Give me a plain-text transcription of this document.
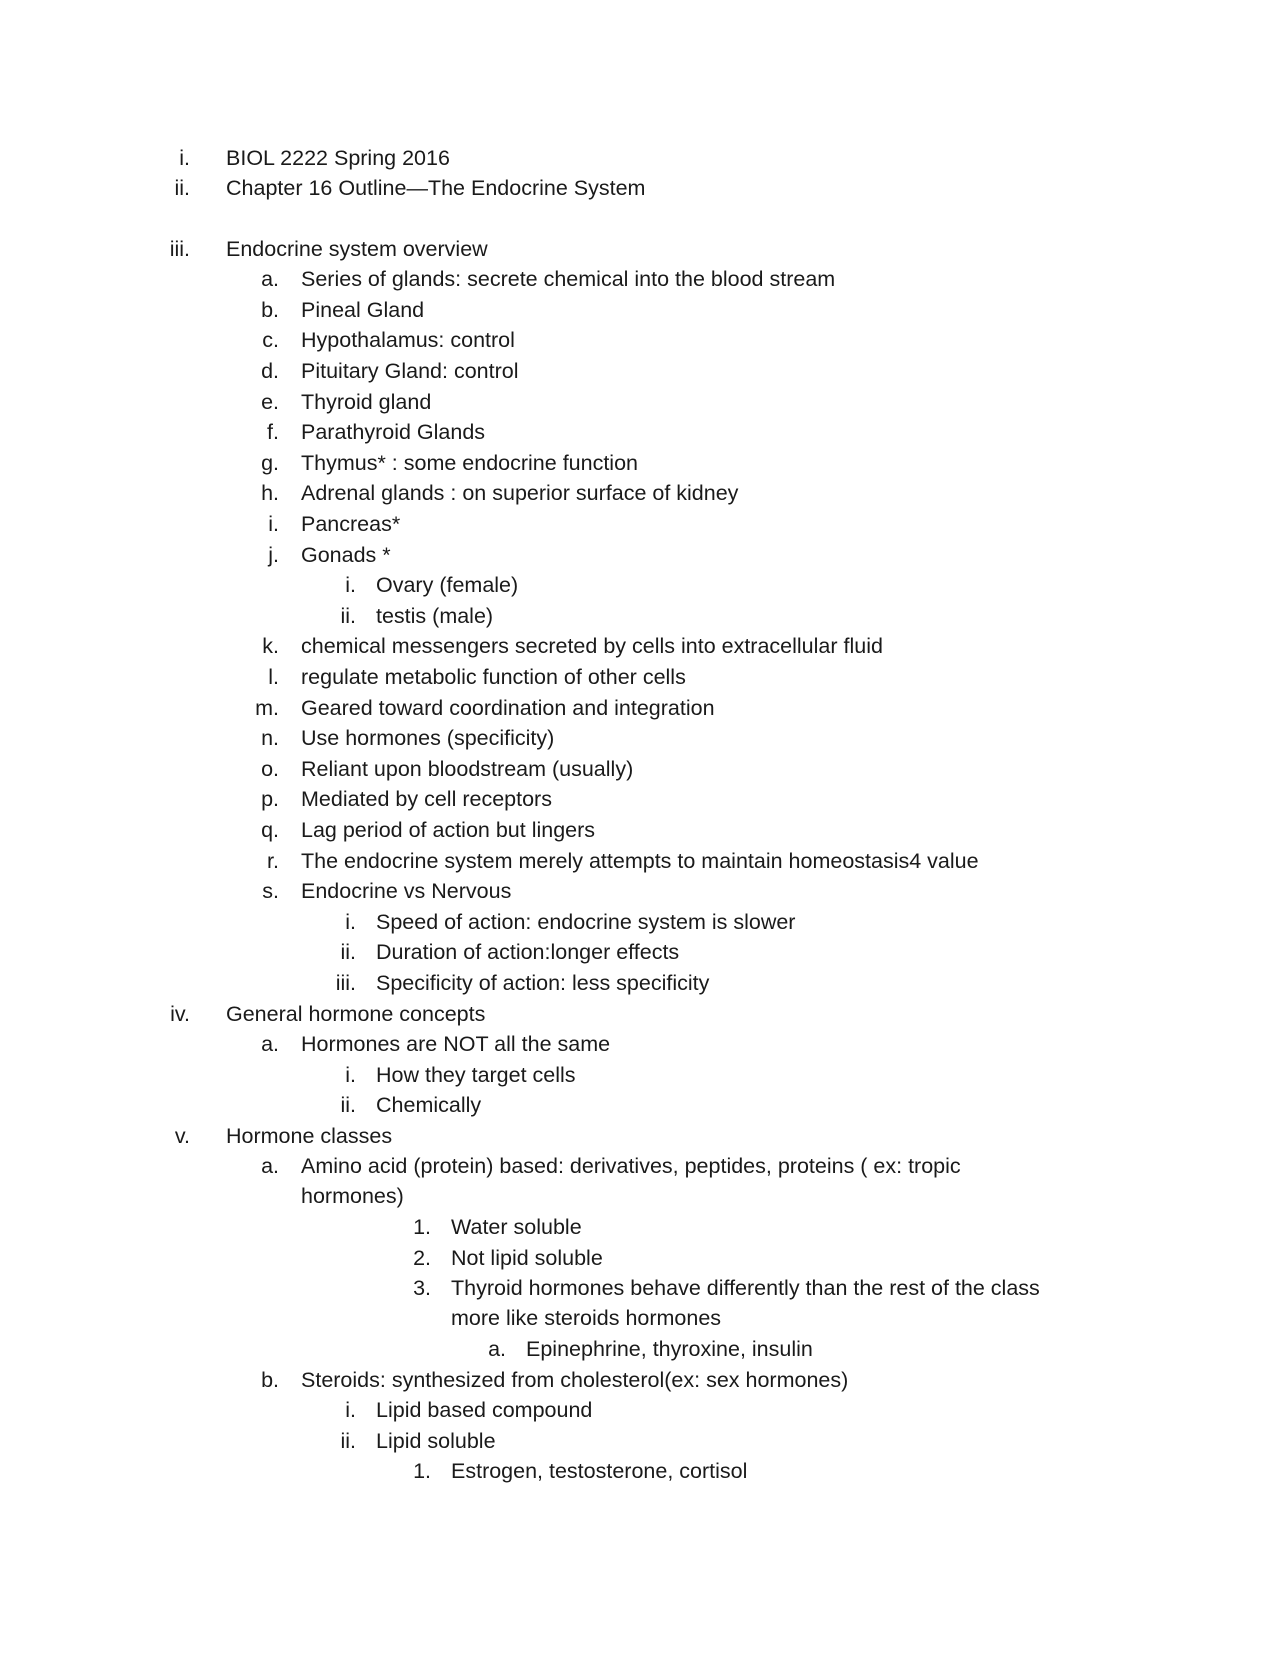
i. BIOL 2222 Spring 2016
ii. Chapter 16 Outline—The Endocrine System
iii. Endocrine system overview
a. Series of glands: secrete chemical into the blood stream
b. Pineal Gland
c. Hypothalamus: control
d. Pituitary Gland: control
e. Thyroid gland
f. Parathyroid Glands
g. Thymus* : some endocrine function
h. Adrenal glands : on superior surface of kidney
i. Pancreas*
j. Gonads *
i. Ovary (female)
ii. testis (male)
k. chemical messengers secreted by cells into extracellular fluid
l. regulate metabolic function of other cells
m. Geared toward coordination and integration
n. Use hormones (specificity)
o. Reliant upon bloodstream (usually)
p. Mediated by cell receptors
q. Lag period of action but lingers
r. The endocrine system merely attempts to maintain homeostasis4 value
s. Endocrine vs Nervous
i. Speed of action: endocrine system is slower
ii. Duration of action:longer effects
iii. Specificity of action: less specificity
iv. General hormone concepts
a. Hormones are NOT all the same
i. How they target cells
ii. Chemically
v. Hormone classes
a. Amino acid (protein) based: derivatives, peptides, proteins ( ex: tropic
hormones)
1. Water soluble
2. Not lipid soluble
3. Thyroid hormones behave differently than the rest of the class
more like steroids hormones
a. Epinephrine, thyroxine, insulin
b. Steroids: synthesized from cholesterol(ex: sex hormones)
i. Lipid based compound
ii. Lipid soluble
1. Estrogen, testosterone, cortisol
